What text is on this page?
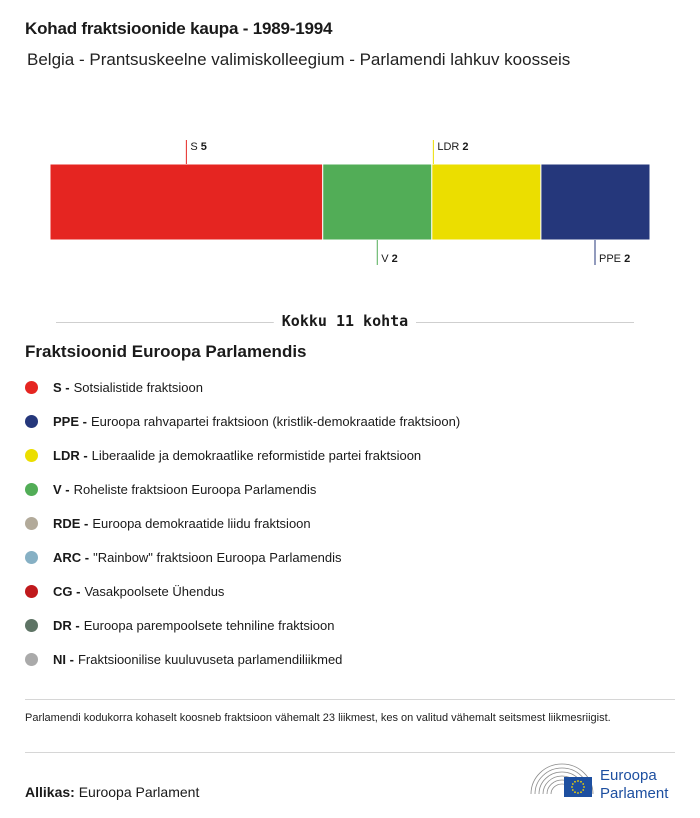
Kohad fraktsioonide kaupa - 1989-1994
Belgia - Prantsuskeelne valimiskolleegium - Parlamendi lahkuv koosseis
S 5
V 2
LDR 2
PPE 2
Kokku 11 kohta
Fraktsioonid Euroopa Parlamendis
S - Sotsialistide fraktsioon
PPE - Euroopa rahvapartei fraktsioon (kristlik-demokraatide fraktsioon)
LDR - Liberaalide ja demokraatlike reformistide partei fraktsioon
V - Roheliste fraktsioon Euroopa Parlamendis
RDE - Euroopa demokraatide liidu fraktsioon
ARC - "Rainbow" fraktsioon Euroopa Parlamendis
CG - Vasakpoolsete Ühendus
DR - Euroopa parempoolsete tehniline fraktsioon
NI - Fraktsioonilise kuuluvuseta parlamendiliikmed
Parlamendi kodukorra kohaselt koosneb fraktsioon vähemalt 23 liikmest, kes on valitud vähemalt seitsmest liikmesriigist.
Allikas: Euroopa Parlament
Euroopa
Parlament
